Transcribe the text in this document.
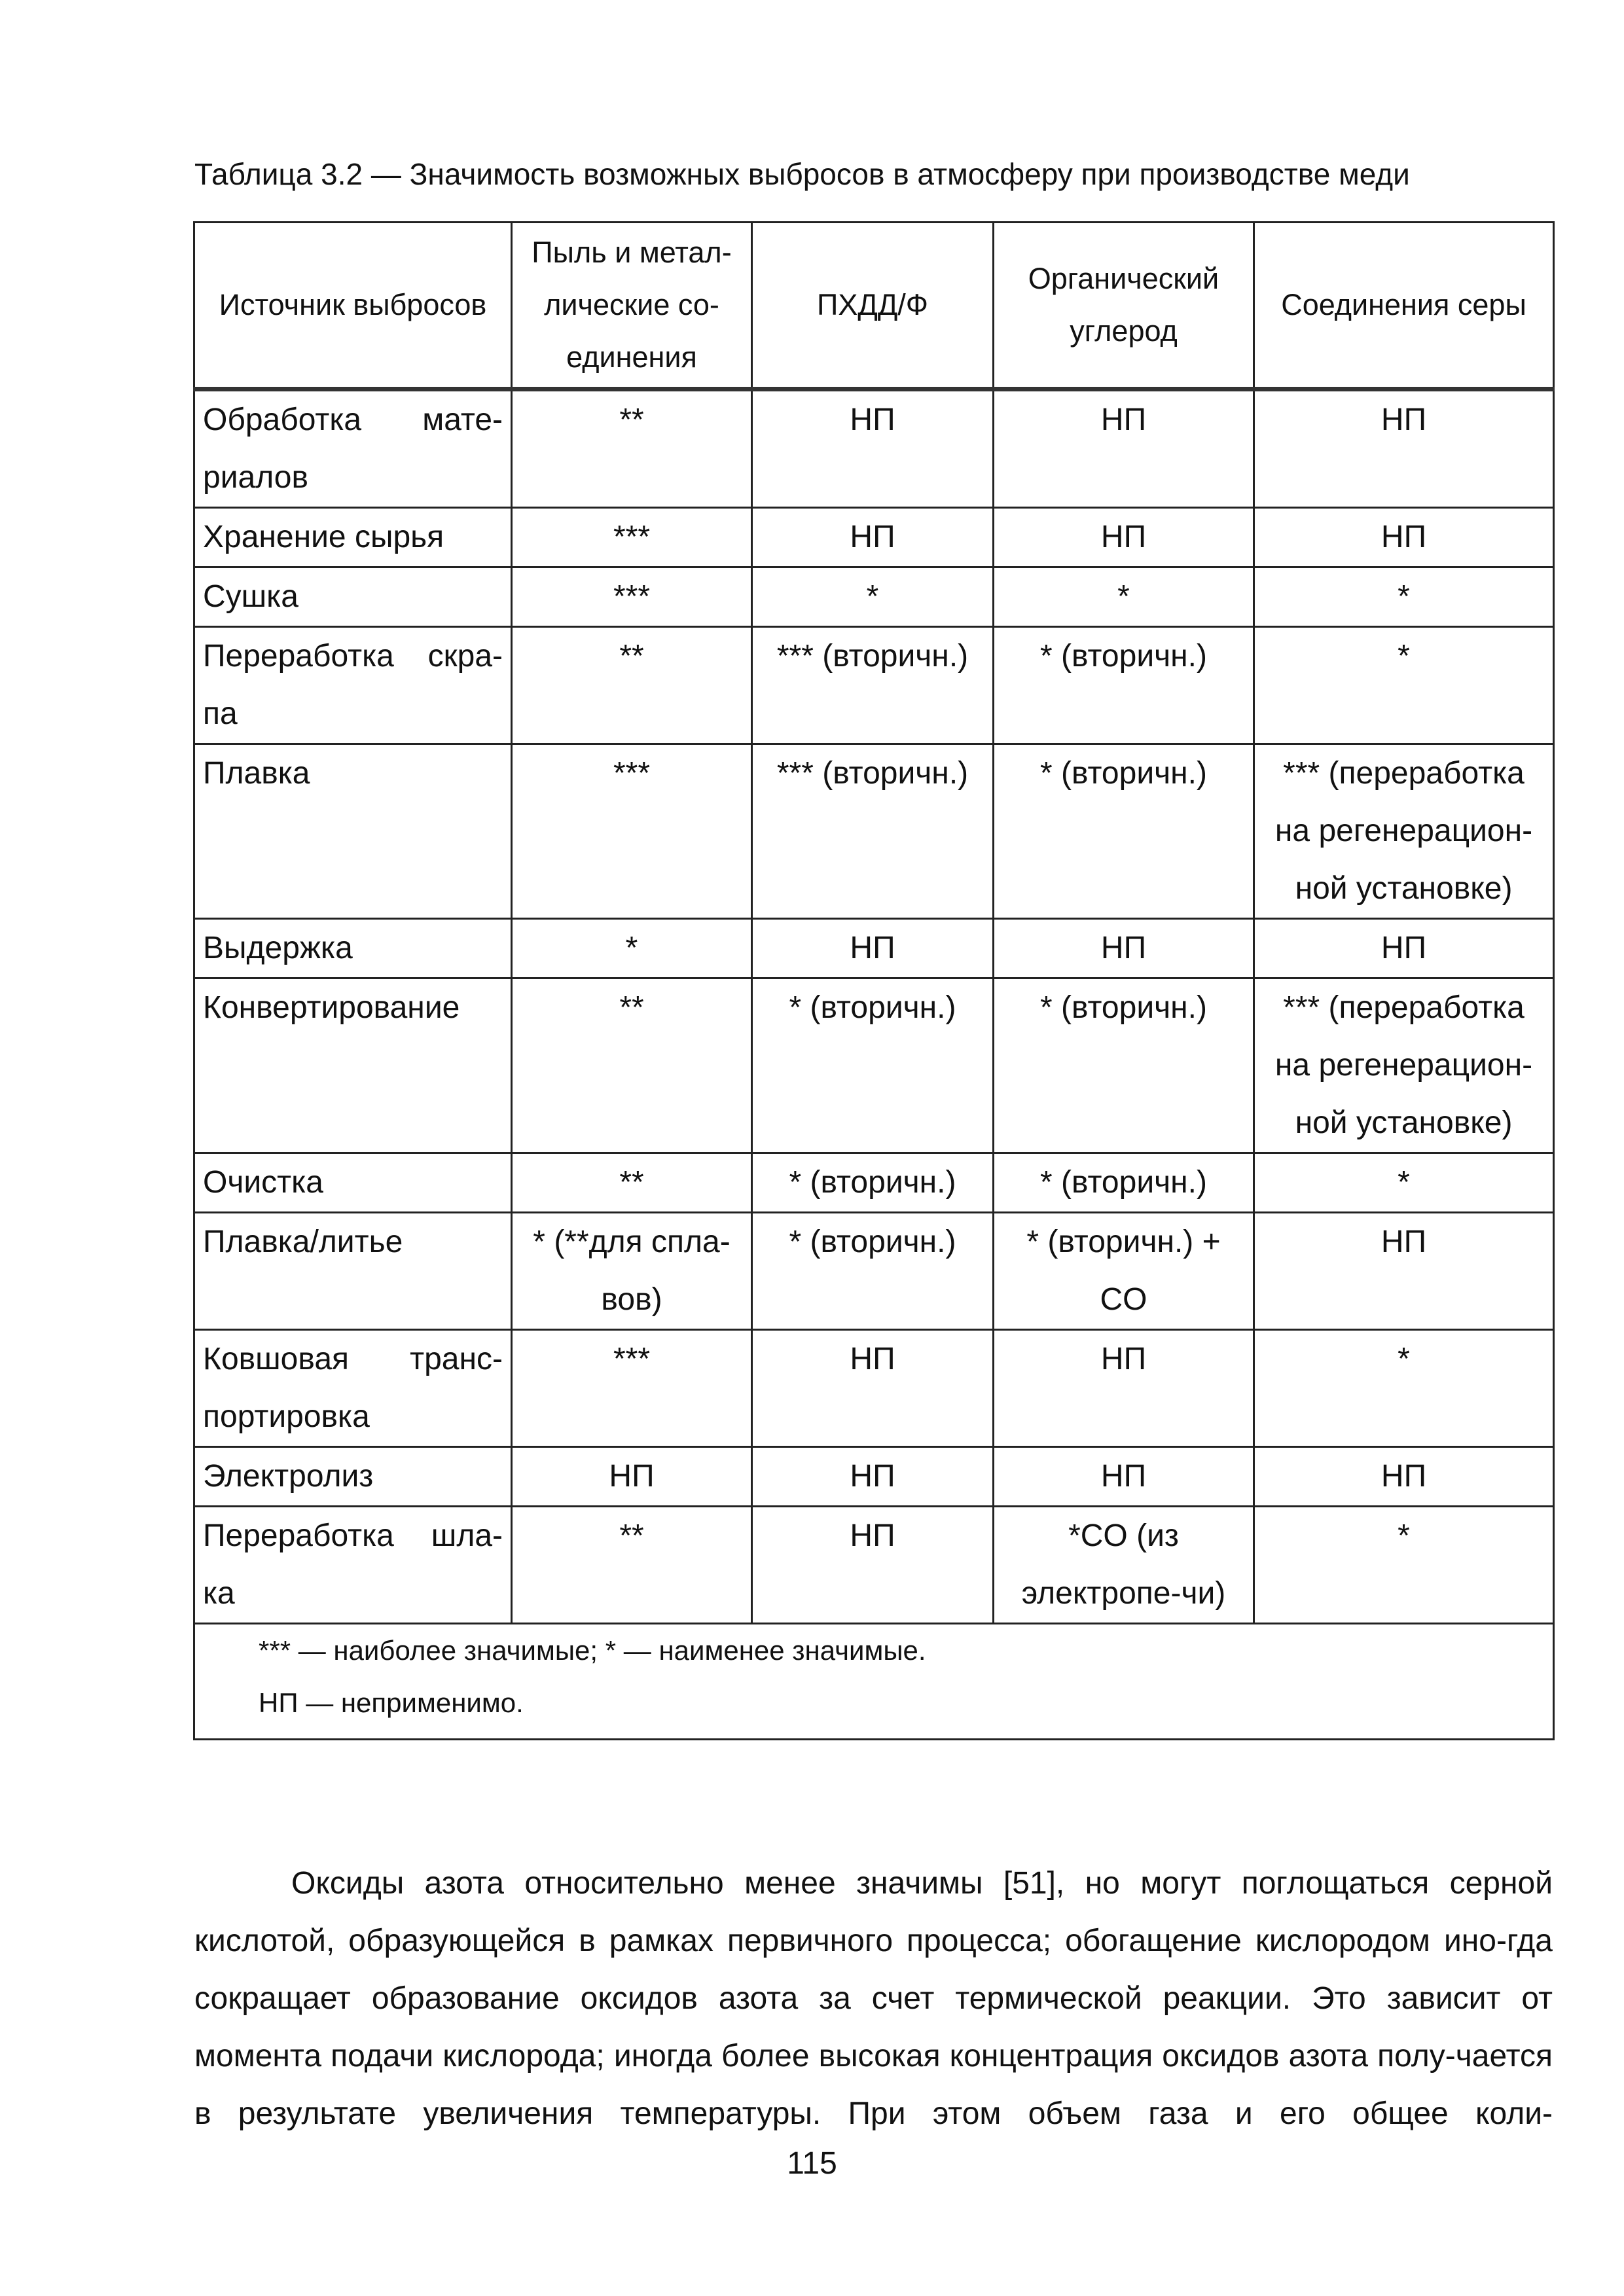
Таблица 3.2 — Значимость возможных выбросов в атмосферу при производстве меди
Источник выбросов	Пыль и метал-лические со-единения	ПХДД/Ф	Органический углерод	Соединения серы
Обработка мате-риалов	**	НП	НП	НП
Хранение сырья	***	НП	НП	НП
Сушка	***	*	*	*
Переработка скра-па	**	*** (вторичн.)	* (вторичн.)	*
Плавка	***	*** (вторичн.)	* (вторичн.)	*** (переработка на регенерацион-ной установке)
Выдержка	*	НП	НП	НП
Конвертирование	**	* (вторичн.)	* (вторичн.)	*** (переработка на регенерацион-ной установке)
Очистка	**	* (вторичн.)	* (вторичн.)	*
Плавка/литье	* (**для спла-вов)	* (вторичн.)	* (вторичн.) + CO	НП
Ковшовая транс-портировка	***	НП	НП	*
Электролиз	НП	НП	НП	НП
Переработка шла-ка	**	НП	*CO (из электропе-чи)	*

*** — наиболее значимые; * — наименее значимые.
НП — неприменимо.				

Оксиды азота относительно менее значимы [51], но могут поглощаться серной кислотой, образующейся в рамках первичного процесса; обогащение кислородом ино-гда сокращает образование оксидов азота за счет термической реакции. Это зависит от момента подачи кислорода; иногда более высокая концентрация оксидов азота полу-чается в результате увеличения температуры. При этом объем газа и его общее коли-

115
